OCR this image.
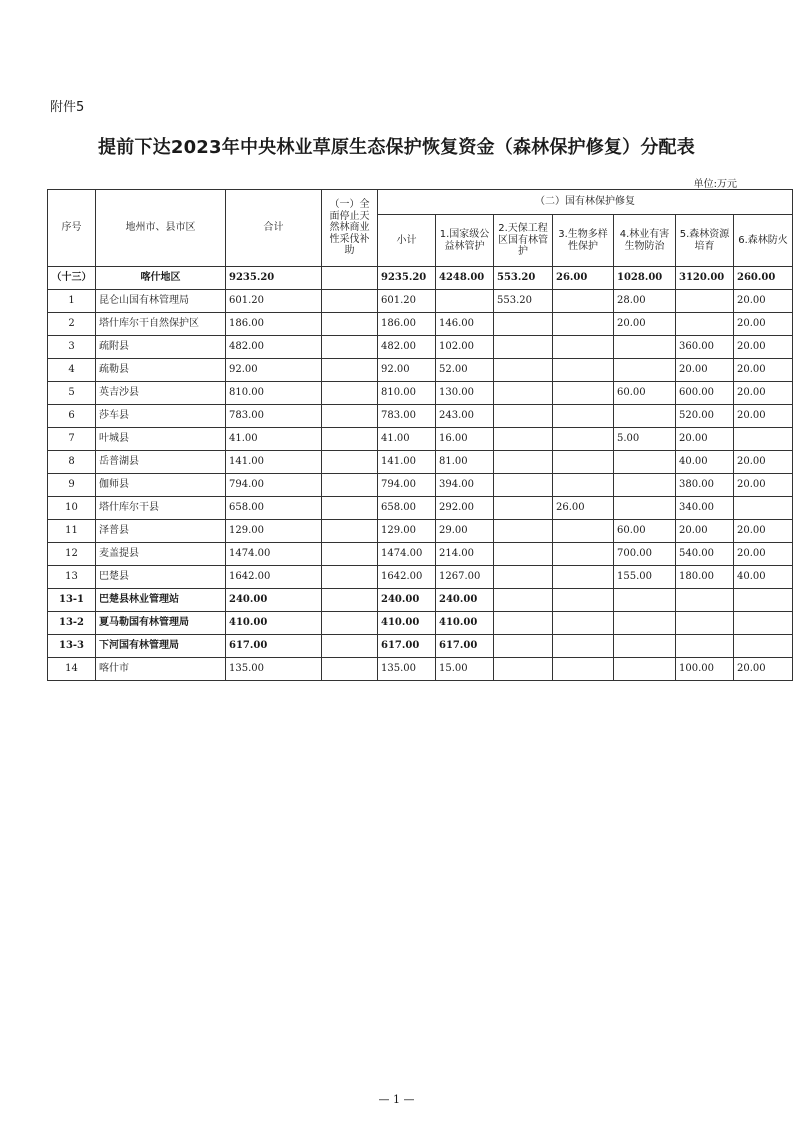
附件5
提前下达2023年中央林业草原生态保护恢复资金（森林保护修复）分配表
单位:万元
序号	地州市、县市区	合计	（一）全面停止天然林商业性采伐补助	（二）国有林保护修复						
				小计	1.国家级公益林管护	2.天保工程区国有林管护	3.生物多样性保护	4.林业有害生物防治	5.森林资源培育	6.森林防火
（十三）	喀什地区	9235.20		9235.20	4248.00	553.20	26.00	1028.00	3120.00	260.00
1	昆仑山国有林管理局	601.20		601.20		553.20		28.00		20.00
2	塔什库尔干自然保护区	186.00		186.00	146.00			20.00		20.00
3	疏附县	482.00		482.00	102.00				360.00	20.00
4	疏勒县	92.00		92.00	52.00				20.00	20.00
5	英吉沙县	810.00		810.00	130.00			60.00	600.00	20.00
6	莎车县	783.00		783.00	243.00				520.00	20.00
7	叶城县	41.00		41.00	16.00			5.00	20.00	
8	岳普湖县	141.00		141.00	81.00				40.00	20.00
9	伽师县	794.00		794.00	394.00				380.00	20.00
10	塔什库尔干县	658.00		658.00	292.00		26.00		340.00	
11	泽普县	129.00		129.00	29.00			60.00	20.00	20.00
12	麦盖提县	1474.00		1474.00	214.00			700.00	540.00	20.00
13	巴楚县	1642.00		1642.00	1267.00			155.00	180.00	40.00
13-1	巴楚县林业管理站	240.00		240.00	240.00					
13-2	夏马勒国有林管理局	410.00		410.00	410.00					
13-3	下河国有林管理局	617.00		617.00	617.00					
14	喀什市	135.00		135.00	15.00				100.00	20.00
— 1 —
